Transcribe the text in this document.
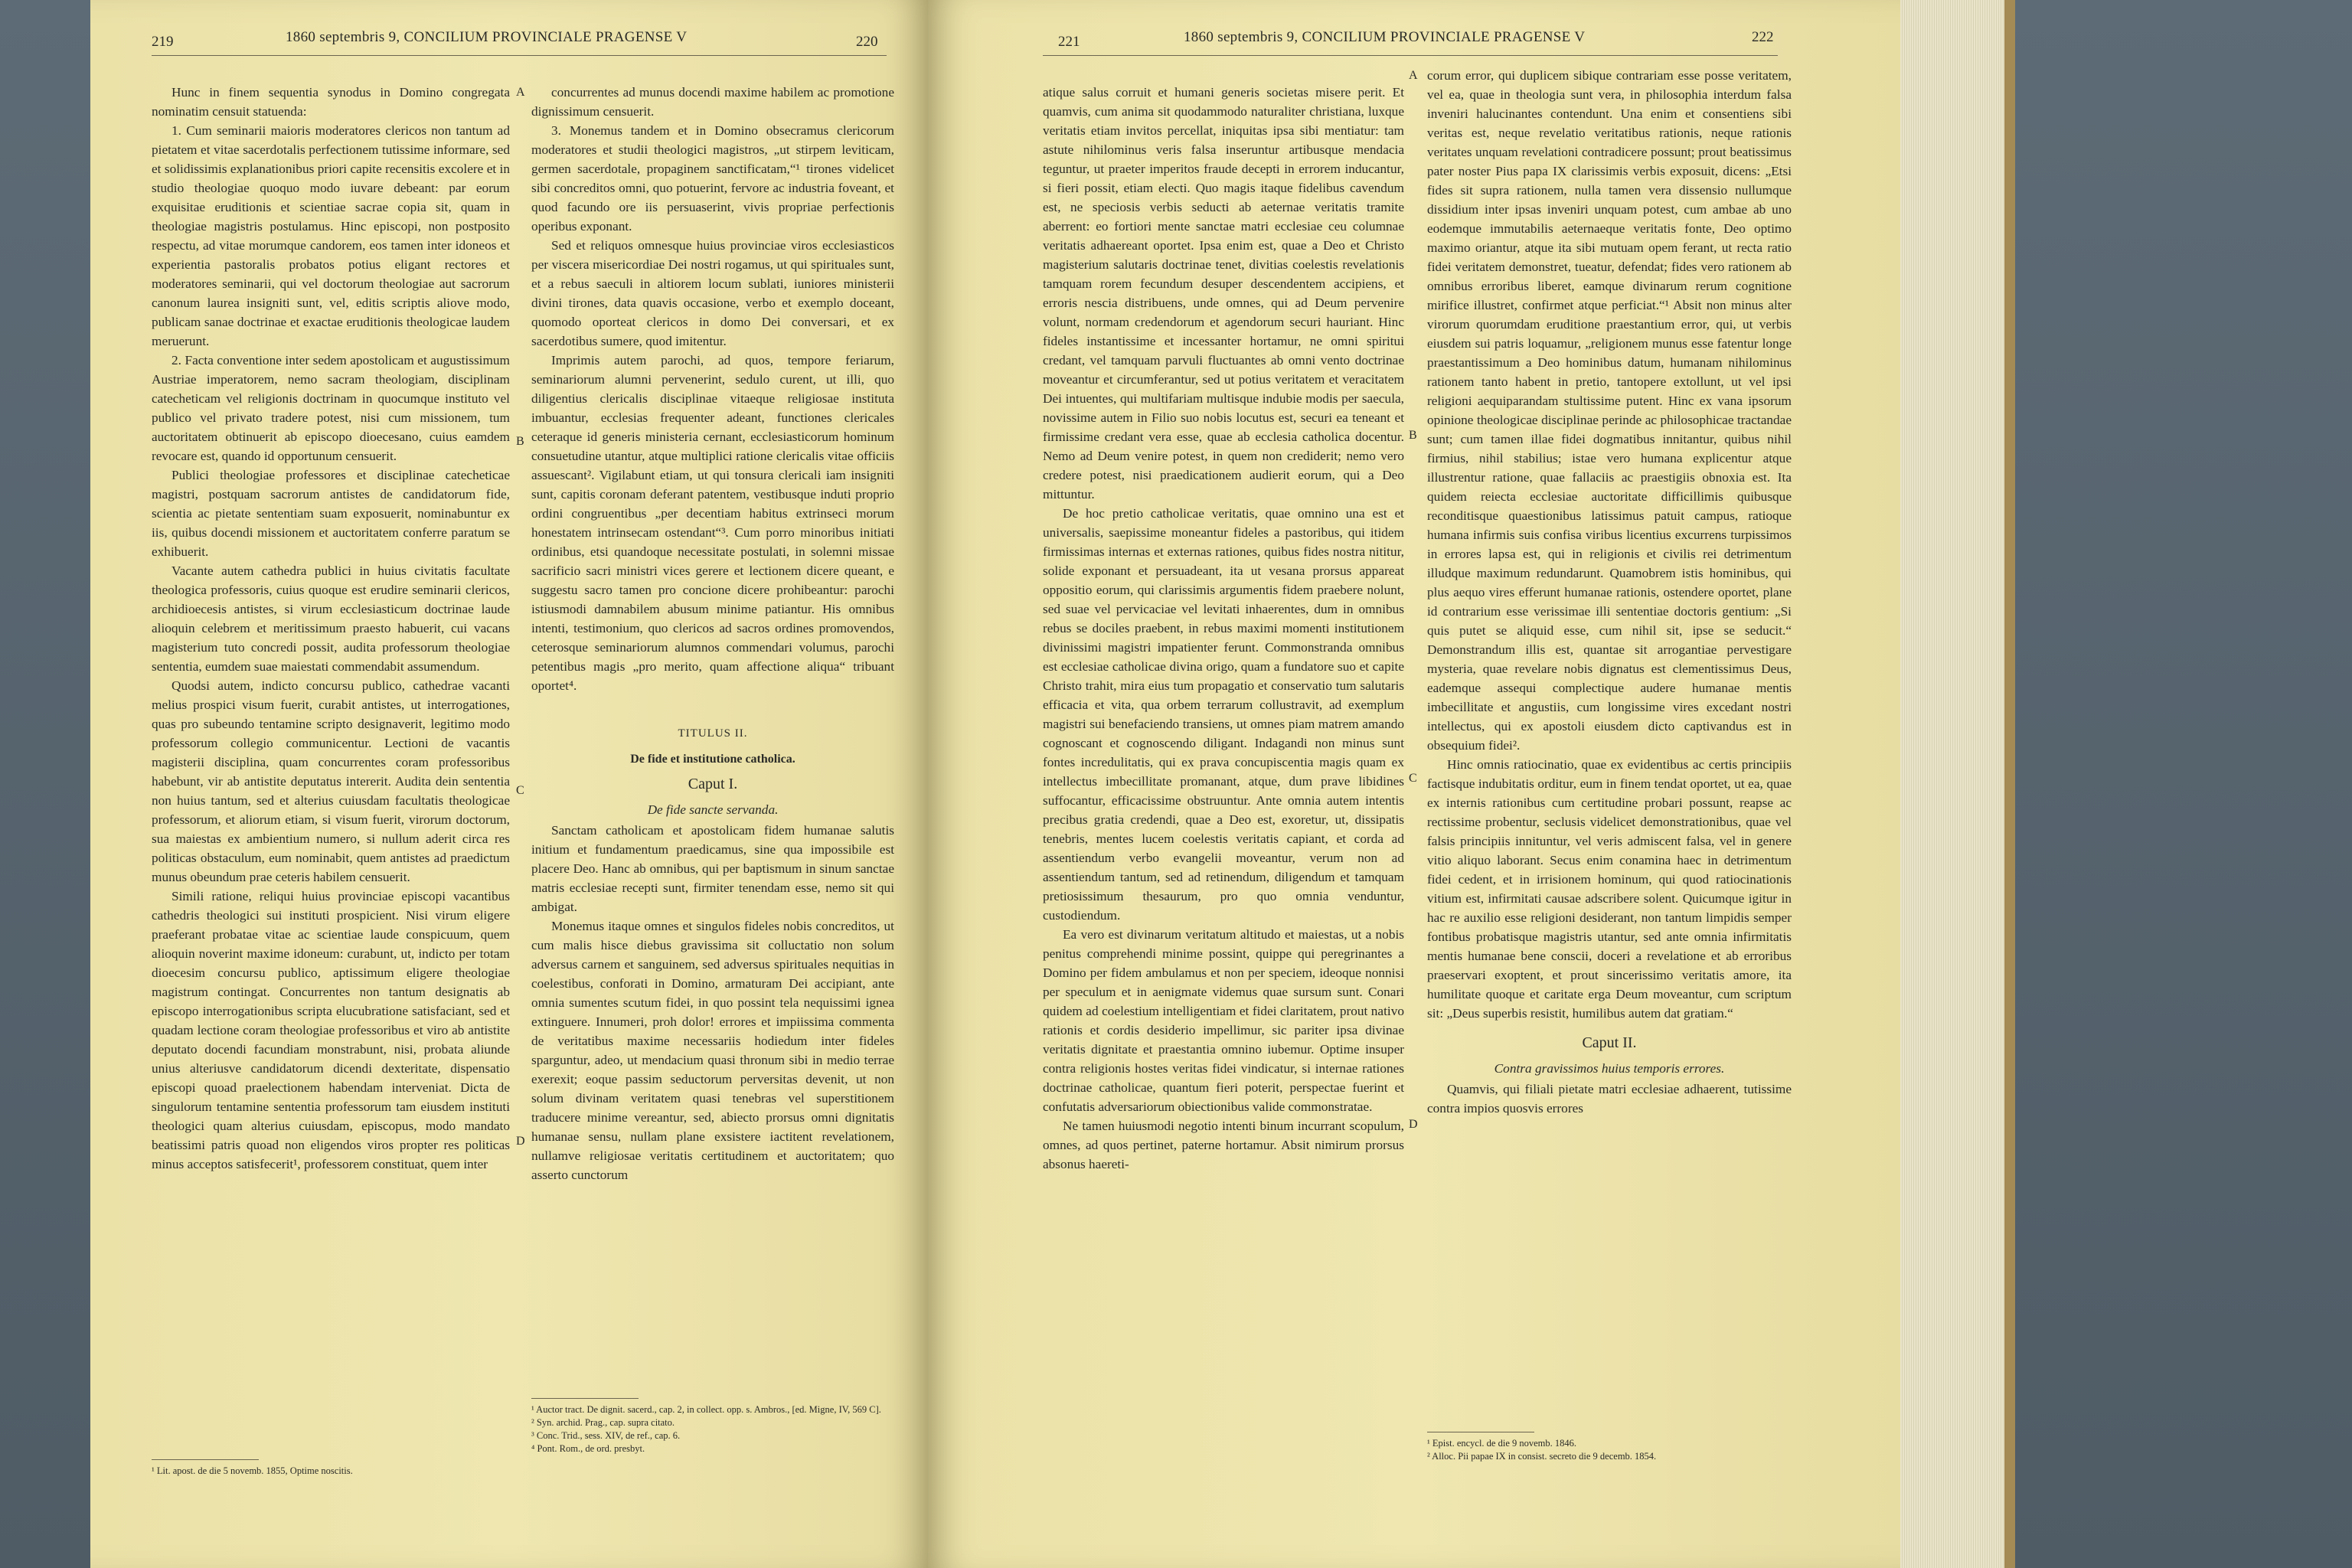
219	1860 septembris 9, CONCILIUM PROVINCIALE PRAGENSE V	220

Hunc in finem sequentia synodus in Domino congregata nominatim censuit statuenda:

1. Cum seminarii maioris moderatores clericos non tantum ad pietatem et vitae sacerdotalis perfectionem tutissime informare, sed et solidissimis explanationibus priori capite recensitis excolere et in studio theologiae quoquo modo iuvare debeant: par eorum exquisitae eruditionis et scientiae sacrae copia sit, quam in theologiae magistris postulamus. Hinc episcopi, non postposito respectu, ad vitae morumque candorem, eos tamen inter idoneos et experientia pastoralis probatos potius eligant rectores et moderatores seminarii, qui vel doctorum theologiae aut sacrorum canonum laurea insigniti sunt, vel, editis scriptis aliove modo, publicam sanae doctrinae et exactae eruditionis theologicae laudem meruerunt.

2. Facta conventione inter sedem apostolicam et augustissimum Austriae imperatorem, nemo sacram theologiam, disciplinam catecheticam vel religionis doctrinam in quocumque instituto vel publico vel privato tradere potest, nisi cum missionem, tum auctoritatem obtinuerit ab episcopo dioecesano, cuius eamdem revocare est, quando id opportunum censuerit.

Publici theologiae professores et disciplinae catecheticae magistri, postquam sacrorum antistes de candidatorum fide, scientia ac pietate sententiam suam exposuerit, nominabuntur ex iis, quibus docendi missionem et auctoritatem conferre paratum se exhibuerit.

Vacante autem cathedra publici in huius civitatis facultate theologica professoris, cuius quoque est erudire seminarii clericos, archidioecesis antistes, si virum ecclesiasticum doctrinae laude alioquin celebrem et meritissimum praesto habuerit, cui vacans magisterium tuto concredi possit, audita professorum theologiae sententia, eumdem suae maiestati commendabit assumendum.

Quodsi autem, indicto concursu publico, cathedrae vacanti melius prospici visum fuerit, curabit antistes, ut interrogationes, quas pro subeundo tentamine scripto designaverit, legitimo modo professorum collegio communicentur. Lectioni de vacantis magisterii disciplina, quam concurrentes coram professoribus habebunt, vir ab antistite deputatus intererit. Audita dein sententia non huius tantum, sed et alterius cuiusdam facultatis theologicae professorum, et aliorum etiam, si visum fuerit, virorum doctorum, sua maiestas ex ambientium numero, si nullum aderit circa res politicas obstaculum, eum nominabit, quem antistes ad praedictum munus obeundum prae ceteris habilem censuerit.

Simili ratione, reliqui huius provinciae episcopi vacantibus cathedris theologici sui instituti prospicient. Nisi virum eligere praeferant probatae vitae ac scientiae laude conspicuum, quem alioquin noverint maxime idoneum: curabunt, ut, indicto per totam dioecesim concursu publico, aptissimum eligere theologiae magistrum contingat. Concurrentes non tantum designatis ab episcopo interrogationibus scripta elucubratione satisfaciant, sed et quadam lectione coram theologiae professoribus et viro ab antistite deputato docendi facundiam monstrabunt, nisi, probata aliunde unius alteriusve candidatorum dicendi dexteritate, dispensatio episcopi quoad praelectionem habendam interveniat. Dicta de singulorum tentamine sententia professorum tam eiusdem instituti theologici quam alterius cuiusdam, episcopus, modo mandato beatissimi patris quoad non eligendos viros propter res politicas minus acceptos satisfecerit¹, professorem constituat, quem inter

¹ Lit. apost. de die 5 novemb. 1855, Optime noscitis.
A
B
C
D

concurrentes ad munus docendi maxime habilem ac promotione dignissimum censuerit.

3. Monemus tandem et in Domino obsecramus clericorum moderatores et studii theologici magistros, „ut stirpem leviticam, germen sacerdotale, propaginem sanctificatam,“¹ tirones videlicet sibi concreditos omni, quo potuerint, fervore ac industria foveant, et quod facundo ore iis persuaserint, vivis propriae perfectionis operibus exponant.

Sed et reliquos omnesque huius provinciae viros ecclesiasticos per viscera misericordiae Dei nostri rogamus, ut qui spirituales sunt, et a rebus saeculi in altiorem locum sublati, iuniores ministerii divini tirones, data quavis occasione, verbo et exemplo doceant, quomodo oporteat clericos in domo Dei conversari, et ex sacerdotibus sumere, quod imitentur.

Imprimis autem parochi, ad quos, tempore feriarum, seminariorum alumni pervenerint, sedulo curent, ut illi, quo diligentius clericalis disciplinae vitaeque religiosae instituta imbuantur, ecclesias frequenter adeant, functiones clericales ceteraque id generis ministeria cernant, ecclesiasticorum hominum consuetudine utantur, atque multiplici ratione clericalis vitae officiis assuescant². Vigilabunt etiam, ut qui tonsura clericali iam insigniti sunt, capitis coronam deferant patentem, vestibusque induti proprio ordini congruentibus „per decentiam habitus extrinseci morum honestatem intrinsecam ostendant“³. Cum porro minoribus initiati ordinibus, etsi quandoque necessitate postulati, in solemni missae sacrificio sacri ministri vices gerere et lectionem dicere queant, e suggestu sacro tamen pro concione dicere prohibeantur: parochi istiusmodi damnabilem abusum minime patiantur. His omnibus intenti, testimonium, quo clericos ad sacros ordines promovendos, ceterosque seminariorum alumnos commendari volumus, parochi petentibus magis „pro merito, quam affectione aliqua“ tribuant oportet⁴.

TITULUS II.

De fide et institutione catholica.

Caput I.

De fide sancte servanda.

Sanctam catholicam et apostolicam fidem humanae salutis initium et fundamentum praedicamus, sine qua impossibile est placere Deo. Hanc ab omnibus, qui per baptismum in sinum sanctae matris ecclesiae recepti sunt, firmiter tenendam esse, nemo sit qui ambigat.

Monemus itaque omnes et singulos fideles nobis concreditos, ut cum malis hisce diebus gravissima sit colluctatio non solum adversus carnem et sanguinem, sed adversus spirituales nequitias in coelestibus, conforati in Domino, armaturam Dei accipiant, ante omnia sumentes scutum fidei, in quo possint tela nequissimi ignea extinguere. Innumeri, proh dolor! errores et impiissima commenta de veritatibus maxime necessariis hodiedum inter fideles sparguntur, adeo, ut mendacium quasi thronum sibi in medio terrae exerexit; eoque passim seductorum perversitas devenit, ut non solum divinam veritatem quasi tenebras vel superstitionem traducere minime vereantur, sed, abiecto prorsus omni dignitatis humanae sensu, nullam plane exsistere iactitent revelationem, nullamve religiosae veritatis certitudinem et auctoritatem; quo asserto cunctorum

¹ Auctor tract. De dignit. sacerd., cap. 2, in collect. opp. s. Ambros., [ed. Migne, IV, 569 C].
² Syn. archid. Prag., cap. supra citato.
³ Conc. Trid., sess. XIV, de ref., cap. 6.
⁴ Pont. Rom., de ord. presbyt.
221	1860 septembris 9, CONCILIUM PROVINCIALE PRAGENSE V	222

atique salus corruit et humani generis societas misere perit. Et quamvis, cum anima sit quodammodo naturaliter christiana, luxque veritatis etiam invitos percellat, iniquitas ipsa sibi mentiatur: tam astute nihilominus veris falsa inseruntur artibusque mendacia teguntur, ut praeter imperitos fraude decepti in errorem inducantur, si fieri possit, etiam electi. Quo magis itaque fidelibus cavendum est, ne speciosis verbis seducti ab aeternae veritatis tramite aberrent: eo fortiori mente sanctae matri ecclesiae ceu columnae veritatis adhaereant oportet. Ipsa enim est, quae a Deo et Christo magisterium salutaris doctrinae tenet, divitias coelestis revelationis tamquam rorem fecundum desuper descendentem accipiens, et erroris nescia distribuens, unde omnes, qui ad Deum pervenire volunt, normam credendorum et agendorum securi hauriant. Hinc fideles instantissime et incessanter hortamur, ne omni spiritui credant, vel tamquam parvuli fluctuantes ab omni vento doctrinae moveantur et circumferantur, sed ut potius veritatem et veracitatem Dei intuentes, qui multifariam multisque indubie modis per saecula, novissime autem in Filio suo nobis locutus est, securi ea teneant et firmissime credant vera esse, quae ab ecclesia catholica docentur. Nemo ad Deum venire potest, in quem non crediderit; nemo vero credere potest, nisi praedicationem audierit eorum, qui a Deo mittuntur.

De hoc pretio catholicae veritatis, quae omnino una est et universalis, saepissime moneantur fideles a pastoribus, qui itidem firmissimas internas et externas rationes, quibus fides nostra nititur, solide exponant et persuadeant, ita ut vesana prorsus appareat oppositio eorum, qui clarissimis argumentis fidem praebere nolunt, sed suae vel pervicaciae vel levitati inhaerentes, dum in omnibus rebus se dociles praebent, in rebus maximi momenti institutionem divinissimi magistri impatienter ferunt. Commonstranda omnibus est ecclesiae catholicae divina origo, quam a fundatore suo et capite Christo trahit, mira eius tum propagatio et conservatio tum salutaris efficacia et vita, qua orbem terrarum collustravit, ad exemplum magistri sui benefaciendo transiens, ut omnes piam matrem amando cognoscant et cognoscendo diligant. Indagandi non minus sunt fontes incredulitatis, qui ex prava concupiscentia magis quam ex intellectus imbecillitate promanant, atque, dum prave libidines suffocantur, efficacissime obstruuntur. Ante omnia autem intentis precibus gratia credendi, quae a Deo est, exoretur, ut, dissipatis tenebris, mentes lucem coelestis veritatis capiant, et corda ad assentiendum verbo evangelii moveantur, verum non ad assentiendum tantum, sed ad retinendum, diligendum et tamquam pretiosissimum thesaurum, pro quo omnia venduntur, custodiendum.

Ea vero est divinarum veritatum altitudo et maiestas, ut a nobis penitus comprehendi minime possint, quippe qui peregrinantes a Domino per fidem ambulamus et non per speciem, ideoque nonnisi per speculum et in aenigmate videmus quae sursum sunt. Conari quidem ad coelestium intelligentiam et fidei claritatem, prout nativo rationis et cordis desiderio impellimur, sic pariter ipsa divinae veritatis dignitate et praestantia omnino iubemur. Optime insuper contra religionis hostes veritas fidei vindicatur, si internae rationes doctrinae catholicae, quantum fieri poterit, perspectae fuerint et confutatis adversariorum obiectionibus valide commonstratae.

Ne tamen huiusmodi negotio intenti binum incurrant scopulum, omnes, ad quos pertinet, paterne hortamur. Absit nimirum prorsus absonus haereti-

A
B
C
D

corum error, qui duplicem sibique contrariam esse posse veritatem, vel ea, quae in theologia sunt vera, in philosophia interdum falsa inveniri halucinantes contendunt. Una enim et consentiens sibi veritas est, neque revelatio veritatibus rationis, neque rationis veritates unquam revelationi contradicere possunt; prout beatissimus pater noster Pius papa IX clarissimis verbis exposuit, dicens: „Etsi fides sit supra rationem, nulla tamen vera dissensio nullumque dissidium inter ipsas inveniri unquam potest, cum ambae ab uno eodemque immutabilis aeternaeque veritatis fonte, Deo optimo maximo oriantur, atque ita sibi mutuam opem ferant, ut recta ratio fidei veritatem demonstret, tueatur, defendat; fides vero rationem ab omnibus erroribus liberet, eamque divinarum rerum cognitione mirifice illustret, confirmet atque perficiat.“¹ Absit non minus alter virorum quorumdam eruditione praestantium error, qui, ut verbis eiusdem sui patris loquamur, „religionem munus esse fatentur longe praestantissimum a Deo hominibus datum, humanam nihilominus rationem tanto habent in pretio, tantopere extollunt, ut vel ipsi religioni aequiparandam stultissime putent. Hinc ex vana ipsorum opinione theologicae disciplinae perinde ac philosophicae tractandae sunt; cum tamen illae fidei dogmatibus innitantur, quibus nihil firmius, nihil stabilius; istae vero humana explicentur atque illustrentur ratione, quae fallaciis ac praestigiis obnoxia est. Ita quidem reiecta ecclesiae auctoritate difficillimis quibusque reconditisque quaestionibus latissimus patuit campus, ratioque humana infirmis suis confisa viribus licentius excurrens turpissimos in errores lapsa est, qui in religionis et civilis rei detrimentum illudque maximum redundarunt. Quamobrem istis hominibus, qui plus aequo vires efferunt humanae rationis, ostendere oportet, plane id contrarium esse verissimae illi sententiae doctoris gentium: „Si quis putet se aliquid esse, cum nihil sit, ipse se seducit.“ Demonstrandum illis est, quantae sit arrogantiae pervestigare mysteria, quae revelare nobis dignatus est clementissimus Deus, eademque assequi complectique audere humanae mentis imbecillitate et angustiis, cum longissime vires excedant nostri intellectus, qui ex apostoli eiusdem dicto captivandus est in obsequium fidei².

Hinc omnis ratiocinatio, quae ex evidentibus ac certis principiis factisque indubitatis orditur, eum in finem tendat oportet, ut ea, quae ex internis rationibus cum certitudine probari possunt, reapse ac rectissime probentur, seclusis videlicet demonstrationibus, quae vel falsis principiis innituntur, vel veris admiscent falsa, vel in genere vitio aliquo laborant. Secus enim conamina haec in detrimentum fidei cedent, et in irrisionem hominum, qui quod ratiocinationis vitium est, infirmitati causae adscribere solent. Quicumque igitur in hac re auxilio esse religioni desiderant, non tantum limpidis semper fontibus probatisque magistris utantur, sed ante omnia infirmitatis mentis humanae bene conscii, doceri a revelatione et ab erroribus praeservari exoptent, et prout sincerissimo veritatis amore, ita humilitate quoque et caritate erga Deum moveantur, cum scriptum sit: „Deus superbis resistit, humilibus autem dat gratiam.“

Caput II.

Contra gravissimos huius temporis errores.

Quamvis, qui filiali pietate matri ecclesiae adhaerent, tutissime contra impios quosvis errores

¹ Epist. encycl. de die 9 novemb. 1846.
² Alloc. Pii papae IX in consist. secreto die 9 decemb. 1854.
